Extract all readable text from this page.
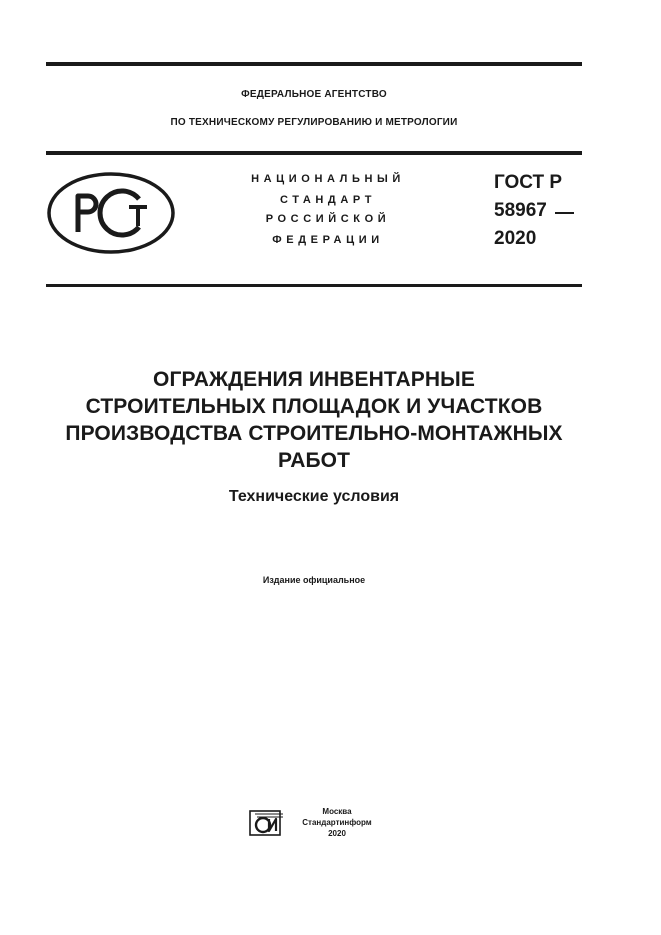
ФЕДЕРАЛЬНОЕ АГЕНТСТВО
ПО ТЕХНИЧЕСКОМУ РЕГУЛИРОВАНИЮ И МЕТРОЛОГИИ
НАЦИОНАЛЬНЫЙ
СТАНДАРТ
РОССИЙСКОЙ
ФЕДЕРАЦИИ
ГОСТ Р
58967
2020
ОГРАЖДЕНИЯ ИНВЕНТАРНЫЕ
СТРОИТЕЛЬНЫХ ПЛОЩАДОК И УЧАСТКОВ
ПРОИЗВОДСТВА СТРОИТЕЛЬНО-МОНТАЖНЫХ
РАБОТ
Технические условия
Издание официальное
Москва
Стандартинформ
2020
